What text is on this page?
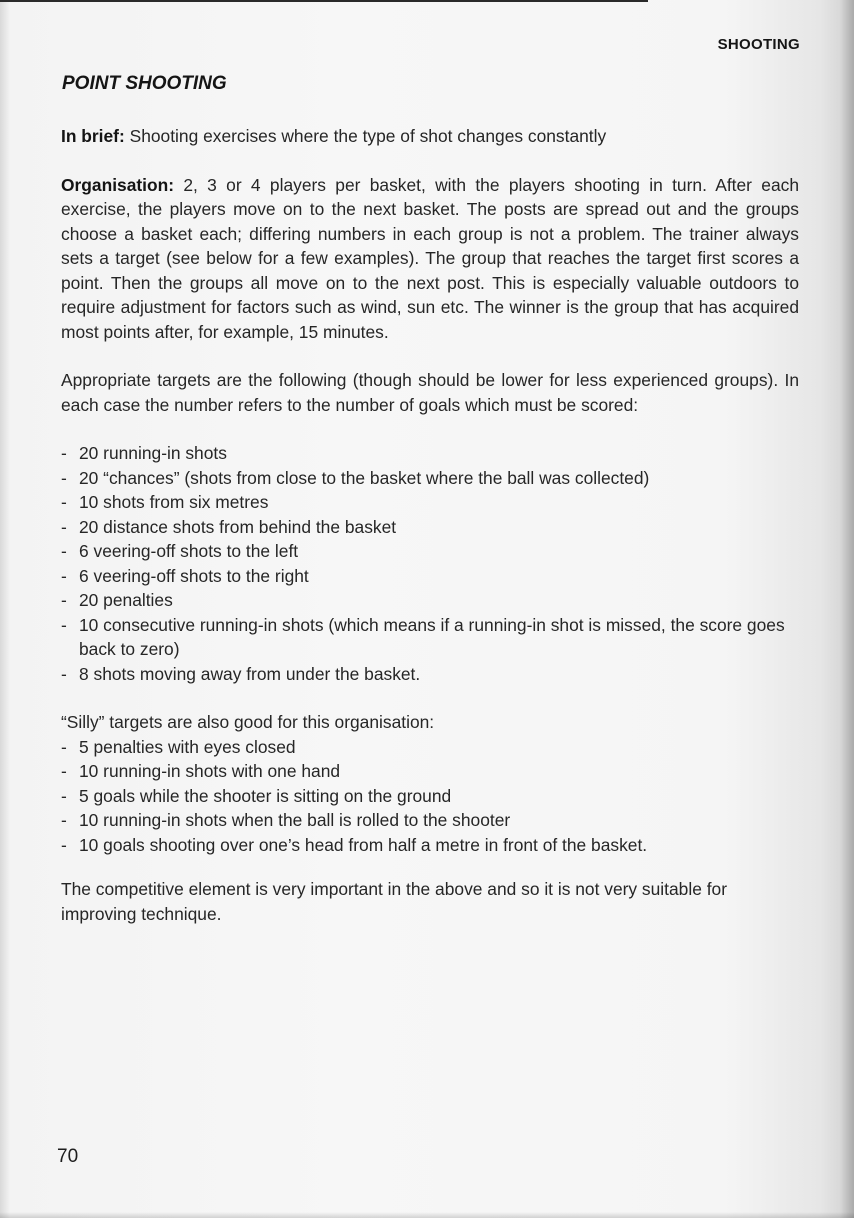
SHOOTING
POINT SHOOTING

In brief: Shooting exercises where the type of shot changes constantly

Organisation: 2, 3 or 4 players per basket, with the players shooting in turn. After each exercise, the players move on to the next basket. The posts are spread out and the groups choose a basket each; differing numbers in each group is not a problem. The trainer always sets a target (see below for a few examples). The group that reaches the target first scores a point. Then the groups all move on to the next post. This is especially valuable outdoors to require adjustment for factors such as wind, sun etc. The winner is the group that has acquired most points after, for example, 15 minutes.

Appropriate targets are the following (though should be lower for less experienced groups). In each case the number refers to the number of goals which must be scored:

- 20 running-in shots
- 20 “chances” (shots from close to the basket where the ball was collected)
- 10 shots from six metres
- 20 distance shots from behind the basket
- 6 veering-off shots to the left
- 6 veering-off shots to the right
- 20 penalties
- 10 consecutive running-in shots (which means if a running-in shot is missed, the score goes back to zero)
- 8 shots moving away from under the basket.

“Silly” targets are also good for this organisation:

- 5 penalties with eyes closed
- 10 running-in shots with one hand
- 5 goals while the shooter is sitting on the ground
- 10 running-in shots when the ball is rolled to the shooter
- 10 goals shooting over one’s head from half a metre in front of the basket.

The competitive element is very important in the above and so it is not very suitable for improving technique.

70
